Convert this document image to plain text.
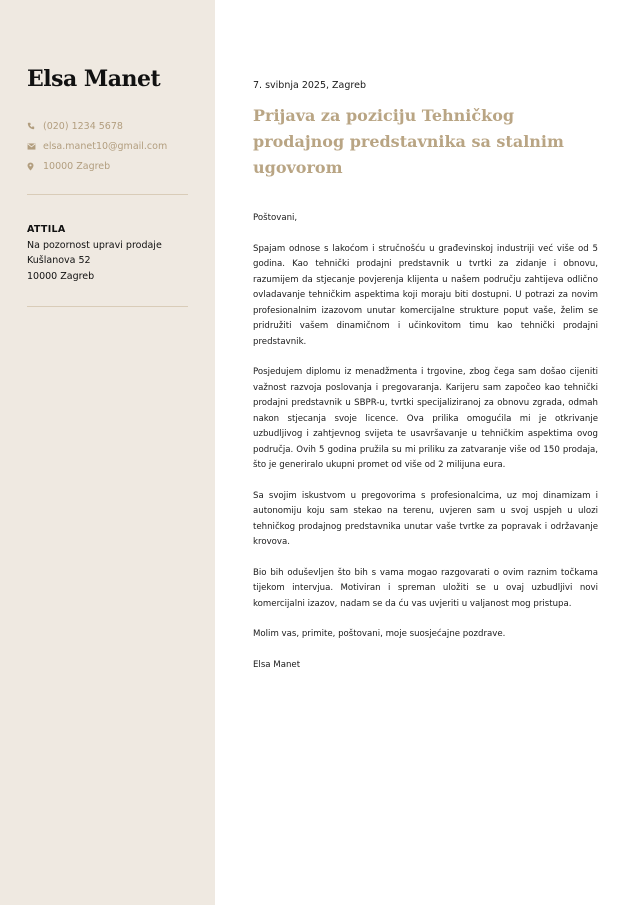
Elsa Manet
(020) 1234 5678
elsa.manet10@gmail.com
10000 Zagreb
ATTILA
Na pozornost upravi prodaje
Kušlanova 52
10000 Zagreb

7. svibnja 2025, Zagreb

Prijava za poziciju Tehničkog prodajnog predstavnika sa stalnim ugovorom

Poštovani,

Spajam odnose s lakoćom i stručnošću u građevinskoj industriji već više od 5 godina. Kao tehnički prodajni predstavnik u tvrtki za zidanje i obnovu, razumijem da stjecanje povjerenja klijenta u našem području zahtijeva odlično ovladavanje tehničkim aspektima koji moraju biti dostupni. U potrazi za novim profesionalnim izazovom unutar komercijalne strukture poput vaše, želim se pridružiti vašem dinamičnom i učinkovitom timu kao tehnički prodajni predstavnik.

Posjedujem diplomu iz menadžmenta i trgovine, zbog čega sam došao cijeniti važnost razvoja poslovanja i pregovaranja. Karijeru sam započeo kao tehnički prodajni predstavnik u SBPR-u, tvrtki specijaliziranoj za obnovu zgrada, odmah nakon stjecanja svoje licence. Ova prilika omogućila mi je otkrivanje uzbudljivog i zahtjevnog svijeta te usavršavanje u tehničkim aspektima ovog područja. Ovih 5 godina pružila su mi priliku za zatvaranje više od 150 prodaja, što je generiralo ukupni promet od više od 2 milijuna eura.

Sa svojim iskustvom u pregovorima s profesionalcima, uz moj dinamizam i autonomiju koju sam stekao na terenu, uvjeren sam u svoj uspjeh u ulozi tehničkog prodajnog predstavnika unutar vaše tvrtke za popravak i održavanje krovova.

Bio bih oduševljen što bih s vama mogao razgovarati o ovim raznim točkama tijekom intervjua. Motiviran i spreman uložiti se u ovaj uzbudljivi novi komercijalni izazov, nadam se da ću vas uvjeriti u valjanost mog pristupa.

Molim vas, primite, poštovani, moje suosjećajne pozdrave.

Elsa Manet
